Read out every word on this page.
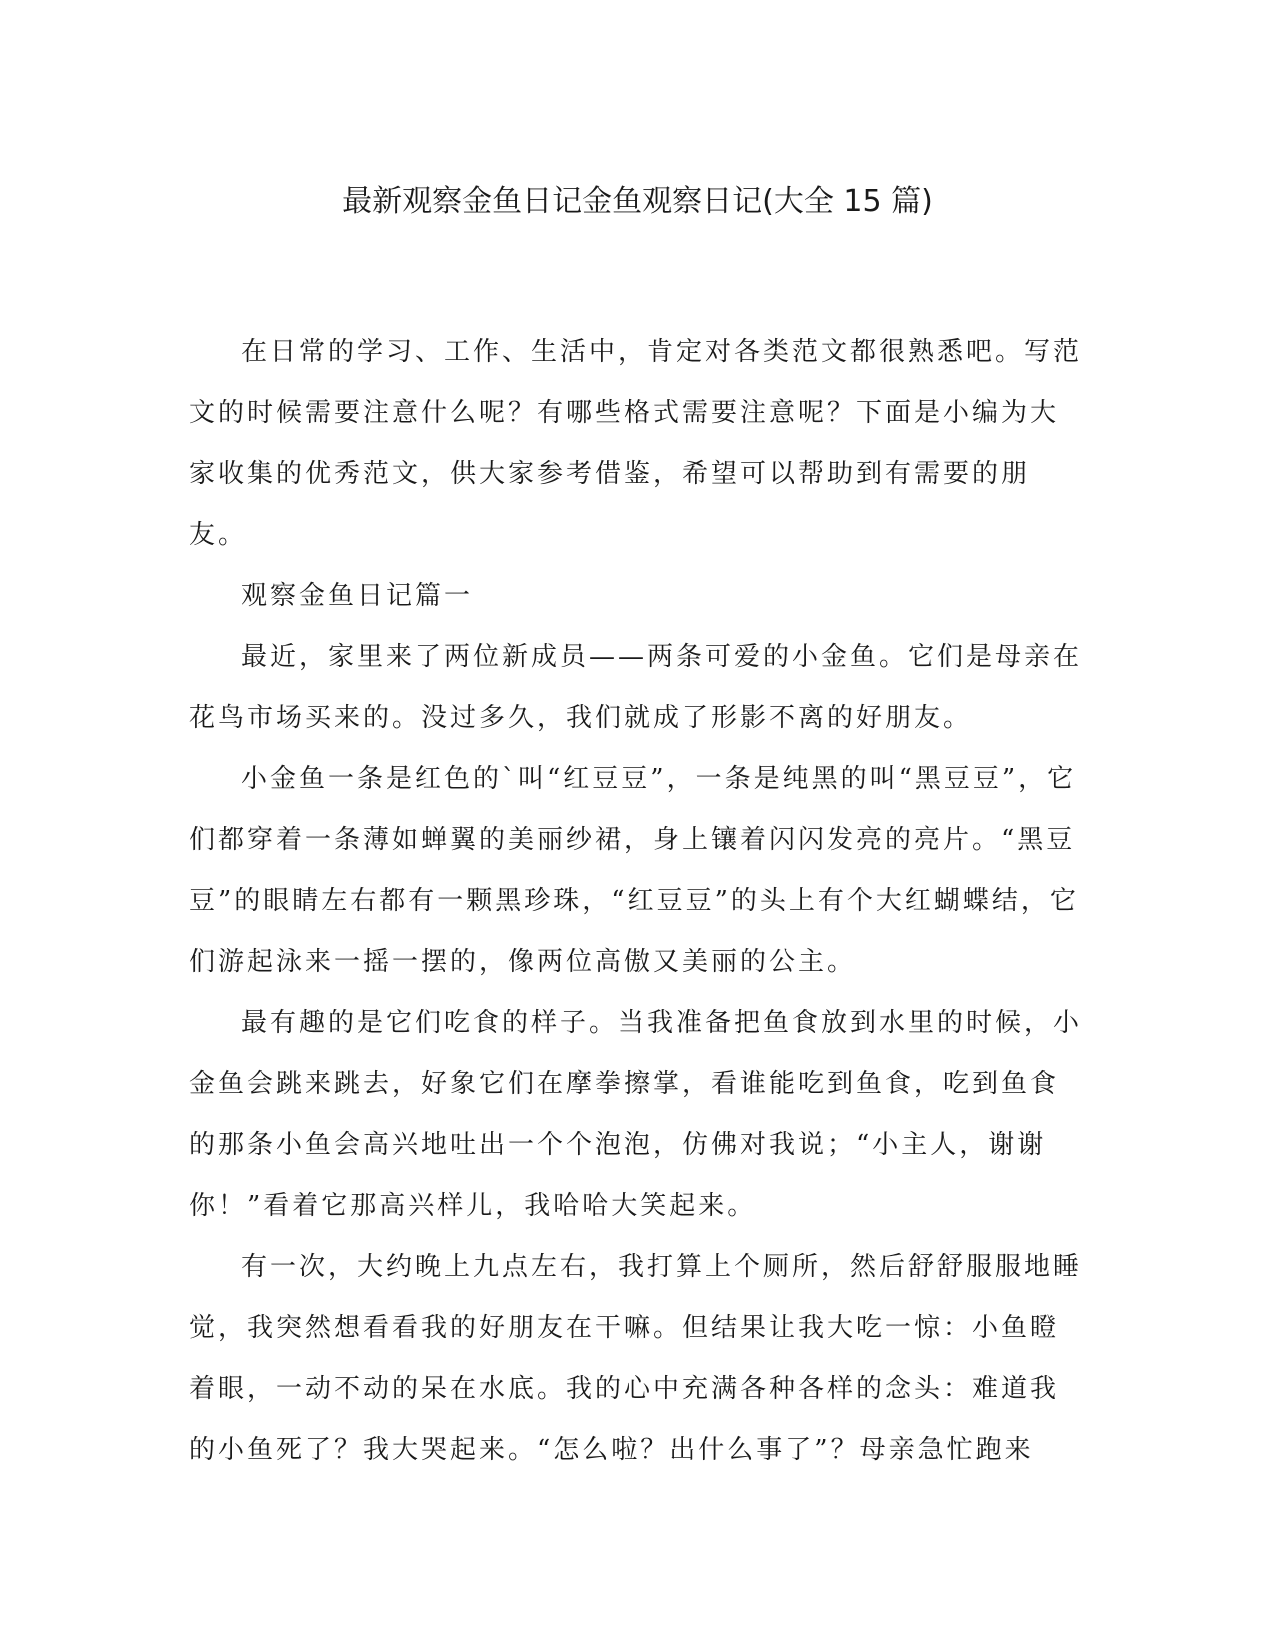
最新观察金鱼日记金鱼观察日记(大全 15 篇)

在日常的学习、工作、生活中，肯定对各类范文都很熟悉吧。写范文的时候需要注意什么呢？有哪些格式需要注意呢？下面是小编为大家收集的优秀范文，供大家参考借鉴，希望可以帮助到有需要的朋友。

观察金鱼日记篇一

最近，家里来了两位新成员——两条可爱的小金鱼。它们是母亲在花鸟市场买来的。没过多久，我们就成了形影不离的好朋友。

小金鱼一条是红色的`叫“红豆豆”，一条是纯黑的叫“黑豆豆”，它们都穿着一条薄如蝉翼的美丽纱裙，身上镶着闪闪发亮的亮片。“黑豆豆”的眼睛左右都有一颗黑珍珠，“红豆豆”的头上有个大红蝴蝶结，它们游起泳来一摇一摆的，像两位高傲又美丽的公主。

最有趣的是它们吃食的样子。当我准备把鱼食放到水里的时候，小金鱼会跳来跳去，好象它们在摩拳擦掌，看谁能吃到鱼食，吃到鱼食的那条小鱼会高兴地吐出一个个泡泡，仿佛对我说；“小主人，谢谢你！”看着它那高兴样儿，我哈哈大笑起来。

有一次，大约晚上九点左右，我打算上个厕所，然后舒舒服服地睡觉，我突然想看看我的好朋友在干嘛。但结果让我大吃一惊：小鱼瞪着眼，一动不动的呆在水底。我的心中充满各种各样的念头：难道我的小鱼死了？我大哭起来。“怎么啦？出什么事了”？母亲急忙跑来
